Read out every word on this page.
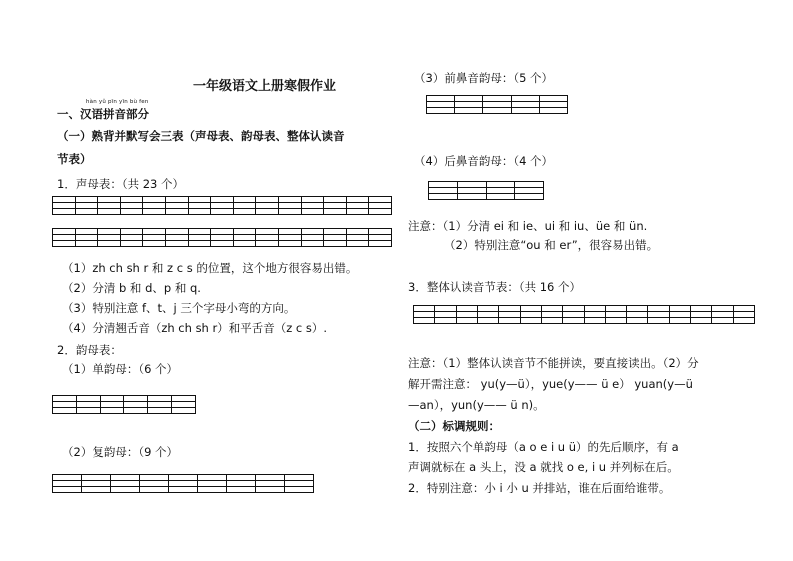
一年级语文上册寒假作业
hàn yǔ pīn yīn bù fen
一、汉语拼音部分
（一）熟背并默写会三表（声母表、韵母表、整体认读音
节表）
1．声母表：（共 23 个）

（1）zh ch sh r 和 z c s 的位置，这个地方很容易出错。
（2）分清 b 和 d、p 和 q.
（3）特别注意 f、t、j 三个字母小弯的方向。
（4）分清翘舌音（zh ch sh r）和平舌音（z c s）.
2．韵母表：
（1）单韵母：（6 个）

（2）复韵母：（9 个）

（3）前鼻音韵母：（5 个）

（4）后鼻音韵母：（4 个）

注意：（1）分清 ei 和 ie、ui 和 iu、üe 和 ün.
（2）特别注意“ou 和 er”，很容易出错。
3．整体认读音节表：（共 16 个）

注意：（1）整体认读音节不能拼读，要直接读出。（2）分
解开需注意： yu(y—ü），yue(y—— ü e） yuan(y—ü
—an），yun(y—— ü n)。
（二）标调规则：
1．按照六个单韵母（a o e i u ü）的先后顺序，有 a
声调就标在 a 头上，没 a 就找 o e, i u 并列标在后。
2．特别注意：小 i 小 u 并排站，谁在后面给谁带。
